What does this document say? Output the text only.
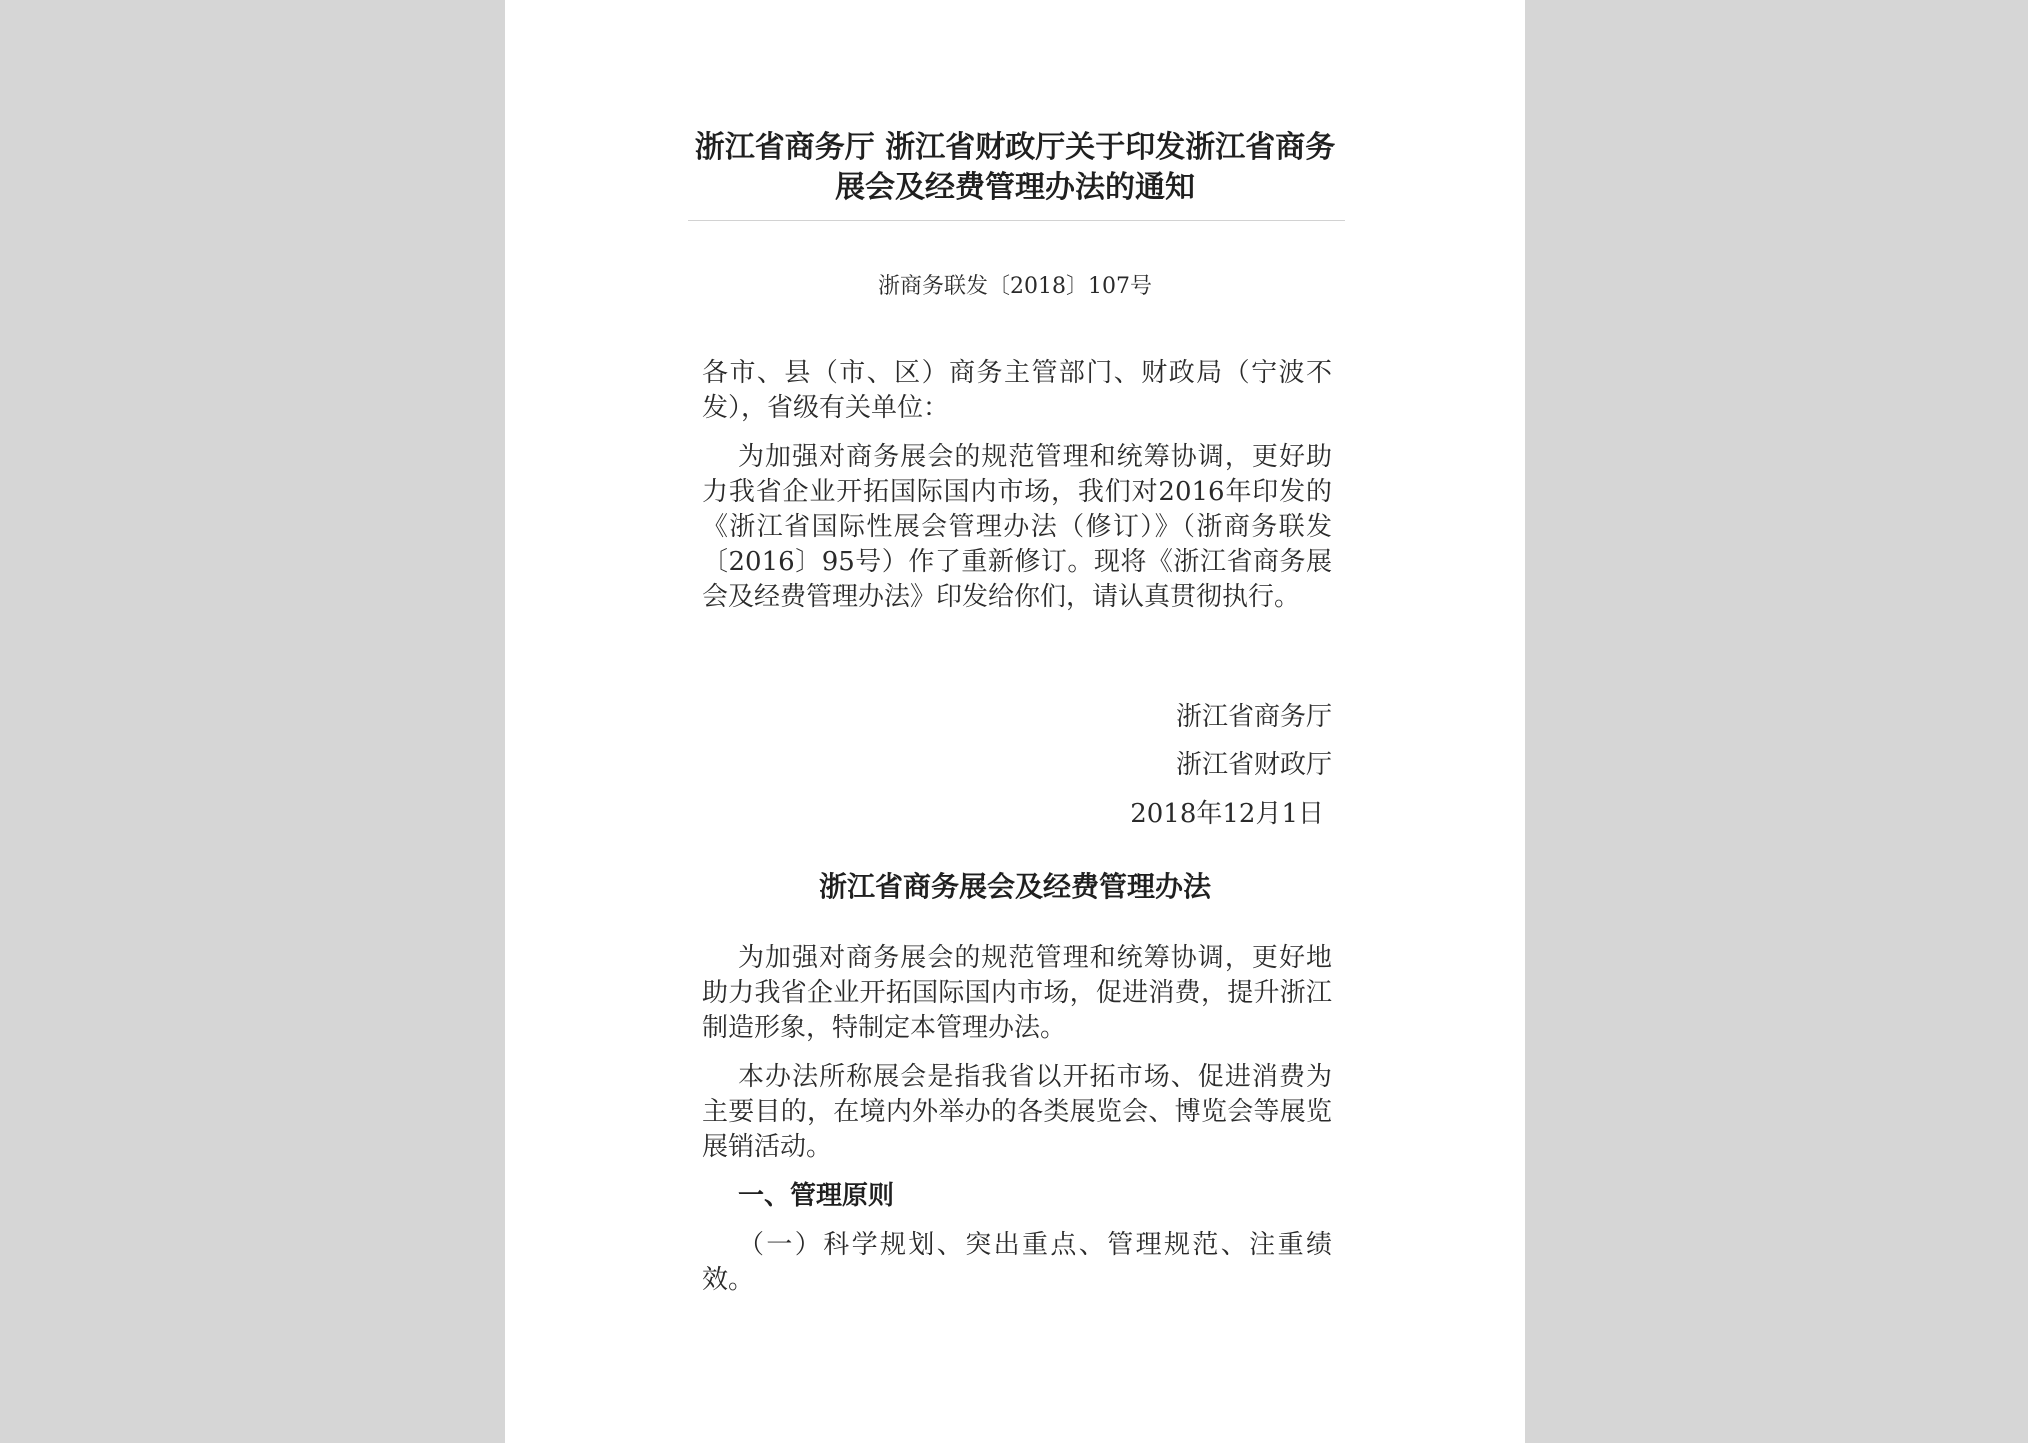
浙江省商务厅 浙江省财政厅关于印发浙江省商务展会及经费管理办法的通知
浙商务联发〔2018〕107号

各市、县（市、区）商务主管部门、财政局（宁波不发），省级有关单位：

为加强对商务展会的规范管理和统筹协调，更好助力我省企业开拓国际国内市场，我们对2016年印发的《浙江省国际性展会管理办法（修订）》（浙商务联发〔2016〕95号）作了重新修订。现将《浙江省商务展会及经费管理办法》印发给你们，请认真贯彻执行。

浙江省商务厅
浙江省财政厅
2018年12月1日
浙江省商务展会及经费管理办法

为加强对商务展会的规范管理和统筹协调，更好地助力我省企业开拓国际国内市场，促进消费，提升浙江制造形象，特制定本管理办法。

本办法所称展会是指我省以开拓市场、促进消费为主要目的，在境内外举办的各类展览会、博览会等展览展销活动。

一、管理原则

（一）科学规划、突出重点、管理规范、注重绩效。
